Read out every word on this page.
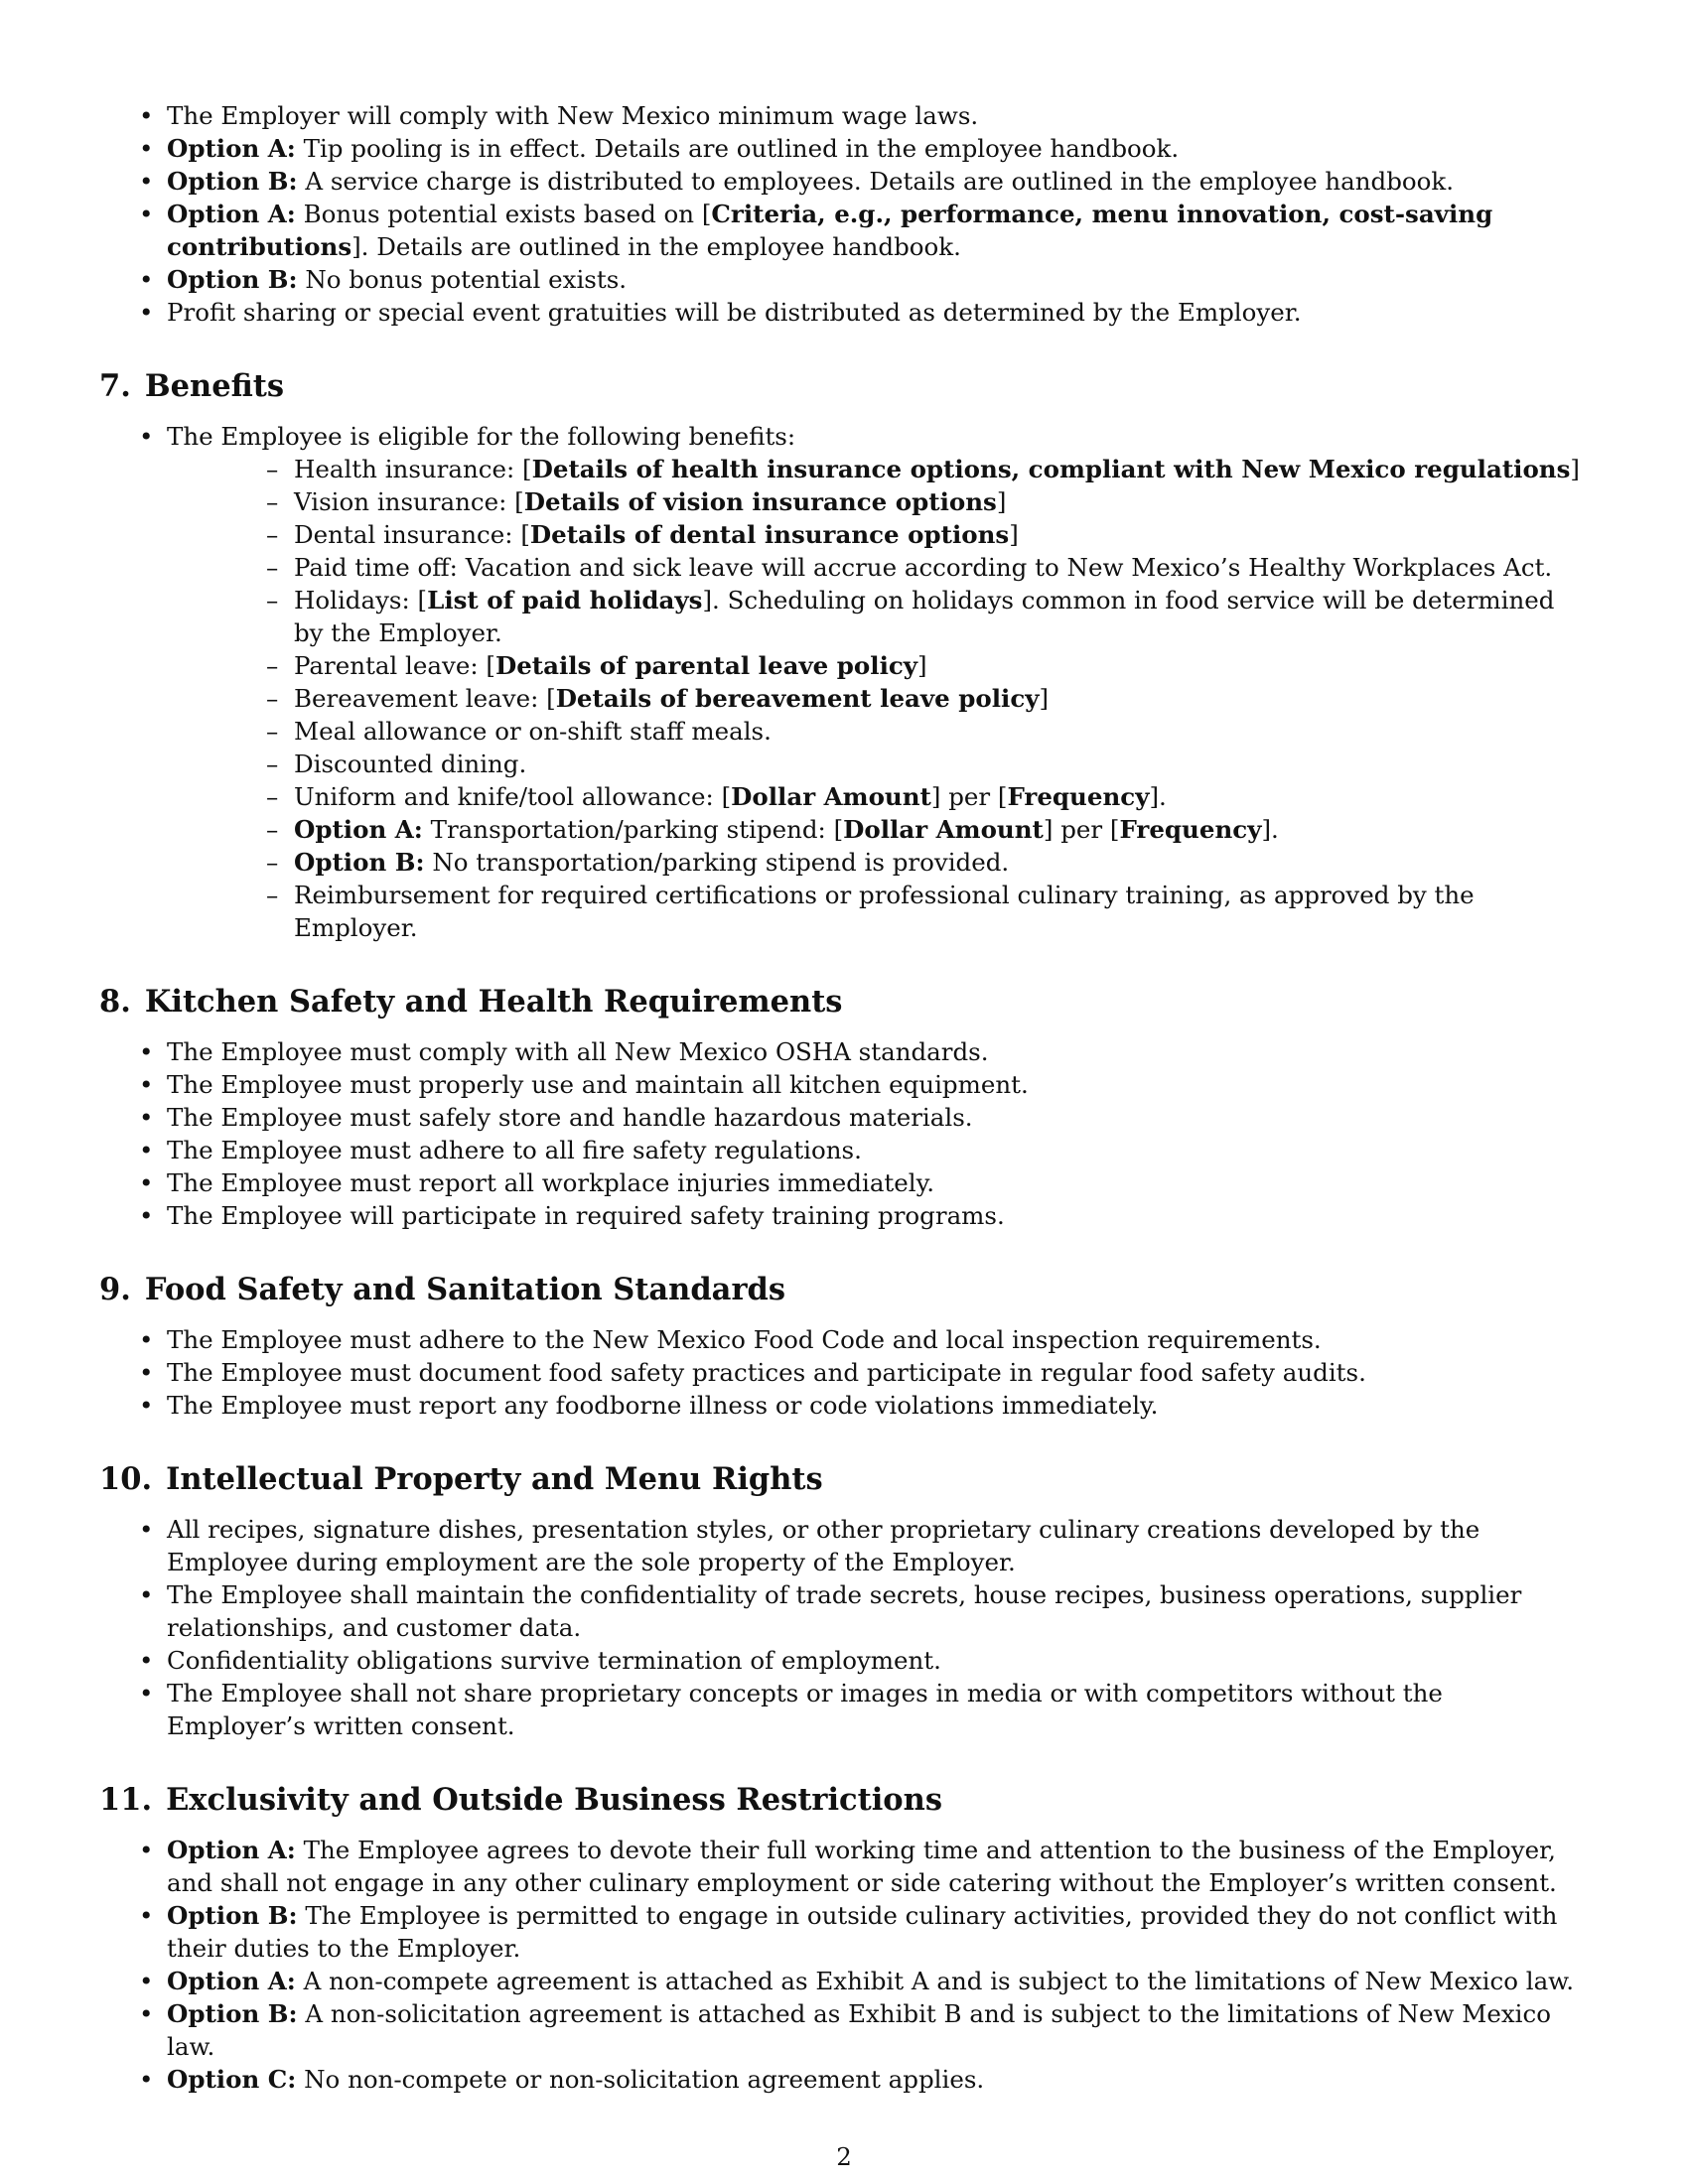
• The Employer will comply with New Mexico minimum wage laws.
• Option A: Tip pooling is in effect. Details are outlined in the employee handbook.
• Option B: A service charge is distributed to employees. Details are outlined in the employee handbook.
• Option A: Bonus potential exists based on [Criteria, e.g., performance, menu innovation, cost-saving contributions]. Details are outlined in the employee handbook.
• Option B: No bonus potential exists.
• Profit sharing or special event gratuities will be distributed as determined by the Employer.
7. Benefits
• The Employee is eligible for the following benefits:
– Health insurance: [Details of health insurance options, compliant with New Mexico regulations]
– Vision insurance: [Details of vision insurance options]
– Dental insurance: [Details of dental insurance options]
– Paid time off: Vacation and sick leave will accrue according to New Mexico’s Healthy Workplaces Act.
– Holidays: [List of paid holidays]. Scheduling on holidays common in food service will be determined by the Employer.
– Parental leave: [Details of parental leave policy]
– Bereavement leave: [Details of bereavement leave policy]
– Meal allowance or on-shift staff meals.
– Discounted dining.
– Uniform and knife/tool allowance: [Dollar Amount] per [Frequency].
– Option A: Transportation/parking stipend: [Dollar Amount] per [Frequency].
– Option B: No transportation/parking stipend is provided.
– Reimbursement for required certifications or professional culinary training, as approved by the Employer.
8. Kitchen Safety and Health Requirements
• The Employee must comply with all New Mexico OSHA standards.
• The Employee must properly use and maintain all kitchen equipment.
• The Employee must safely store and handle hazardous materials.
• The Employee must adhere to all fire safety regulations.
• The Employee must report all workplace injuries immediately.
• The Employee will participate in required safety training programs.
9. Food Safety and Sanitation Standards
• The Employee must adhere to the New Mexico Food Code and local inspection requirements.
• The Employee must document food safety practices and participate in regular food safety audits.
• The Employee must report any foodborne illness or code violations immediately.
10. Intellectual Property and Menu Rights
• All recipes, signature dishes, presentation styles, or other proprietary culinary creations developed by the Employee during employment are the sole property of the Employer.
• The Employee shall maintain the confidentiality of trade secrets, house recipes, business operations, supplier relationships, and customer data.
• Confidentiality obligations survive termination of employment.
• The Employee shall not share proprietary concepts or images in media or with competitors without the Employer’s written consent.
11. Exclusivity and Outside Business Restrictions
• Option A: The Employee agrees to devote their full working time and attention to the business of the Employer, and shall not engage in any other culinary employment or side catering without the Employer’s written consent.
• Option B: The Employee is permitted to engage in outside culinary activities, provided they do not conflict with their duties to the Employer.
• Option A: A non-compete agreement is attached as Exhibit A and is subject to the limitations of New Mexico law.
• Option B: A non-solicitation agreement is attached as Exhibit B and is subject to the limitations of New Mexico law.
• Option C: No non-compete or non-solicitation agreement applies.
2
